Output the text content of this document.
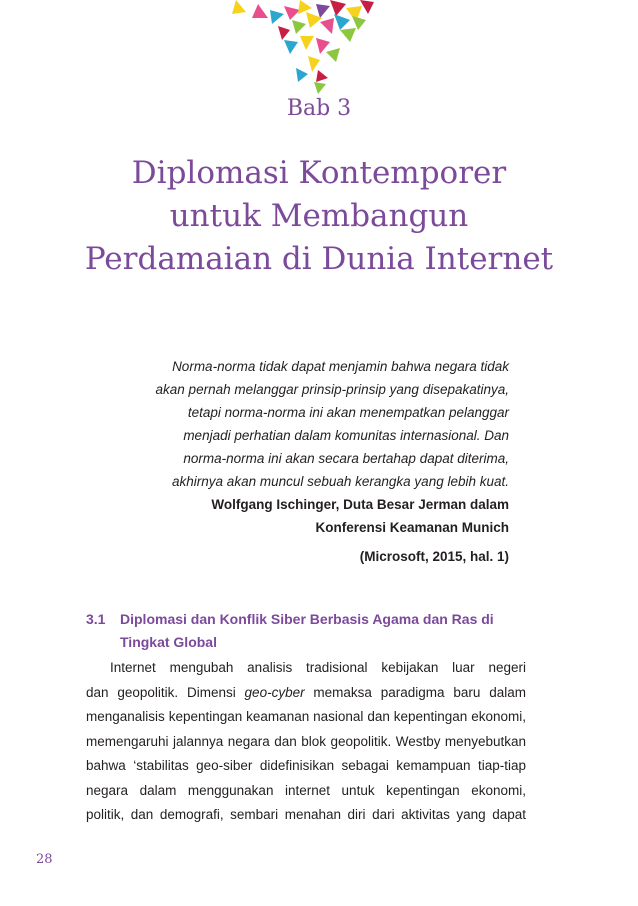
Bab 3
Diplomasi Kontemporer
untuk Membangun
Perdamaian di Dunia Internet
Norma-norma tidak dapat menjamin bahwa negara tidak
akan pernah melanggar prinsip-prinsip yang disepakatinya,
tetapi norma-norma ini akan menempatkan pelanggar
menjadi perhatian dalam komunitas internasional. Dan
norma-norma ini akan secara bertahap dapat diterima,
akhirnya akan muncul sebuah kerangka yang lebih kuat.
Wolfgang Ischinger, Duta Besar Jerman dalam
Konferensi Keamanan Munich
(Microsoft, 2015, hal. 1)
3.1 Diplomasi dan Konflik Siber Berbasis Agama dan Ras di
Tingkat Global
Internet mengubah analisis tradisional kebijakan luar negeri
dan geopolitik. Dimensi geo-cyber memaksa paradigma baru dalam
menganalisis kepentingan keamanan nasional dan kepentingan ekonomi,
memengaruhi jalannya negara dan blok geopolitik. Westby menyebutkan
bahwa ‘stabilitas geo-siber didefinisikan sebagai kemampuan tiap-tiap
negara dalam menggunakan internet untuk kepentingan ekonomi,
politik, dan demografi, sembari menahan diri dari aktivitas yang dapat
28
